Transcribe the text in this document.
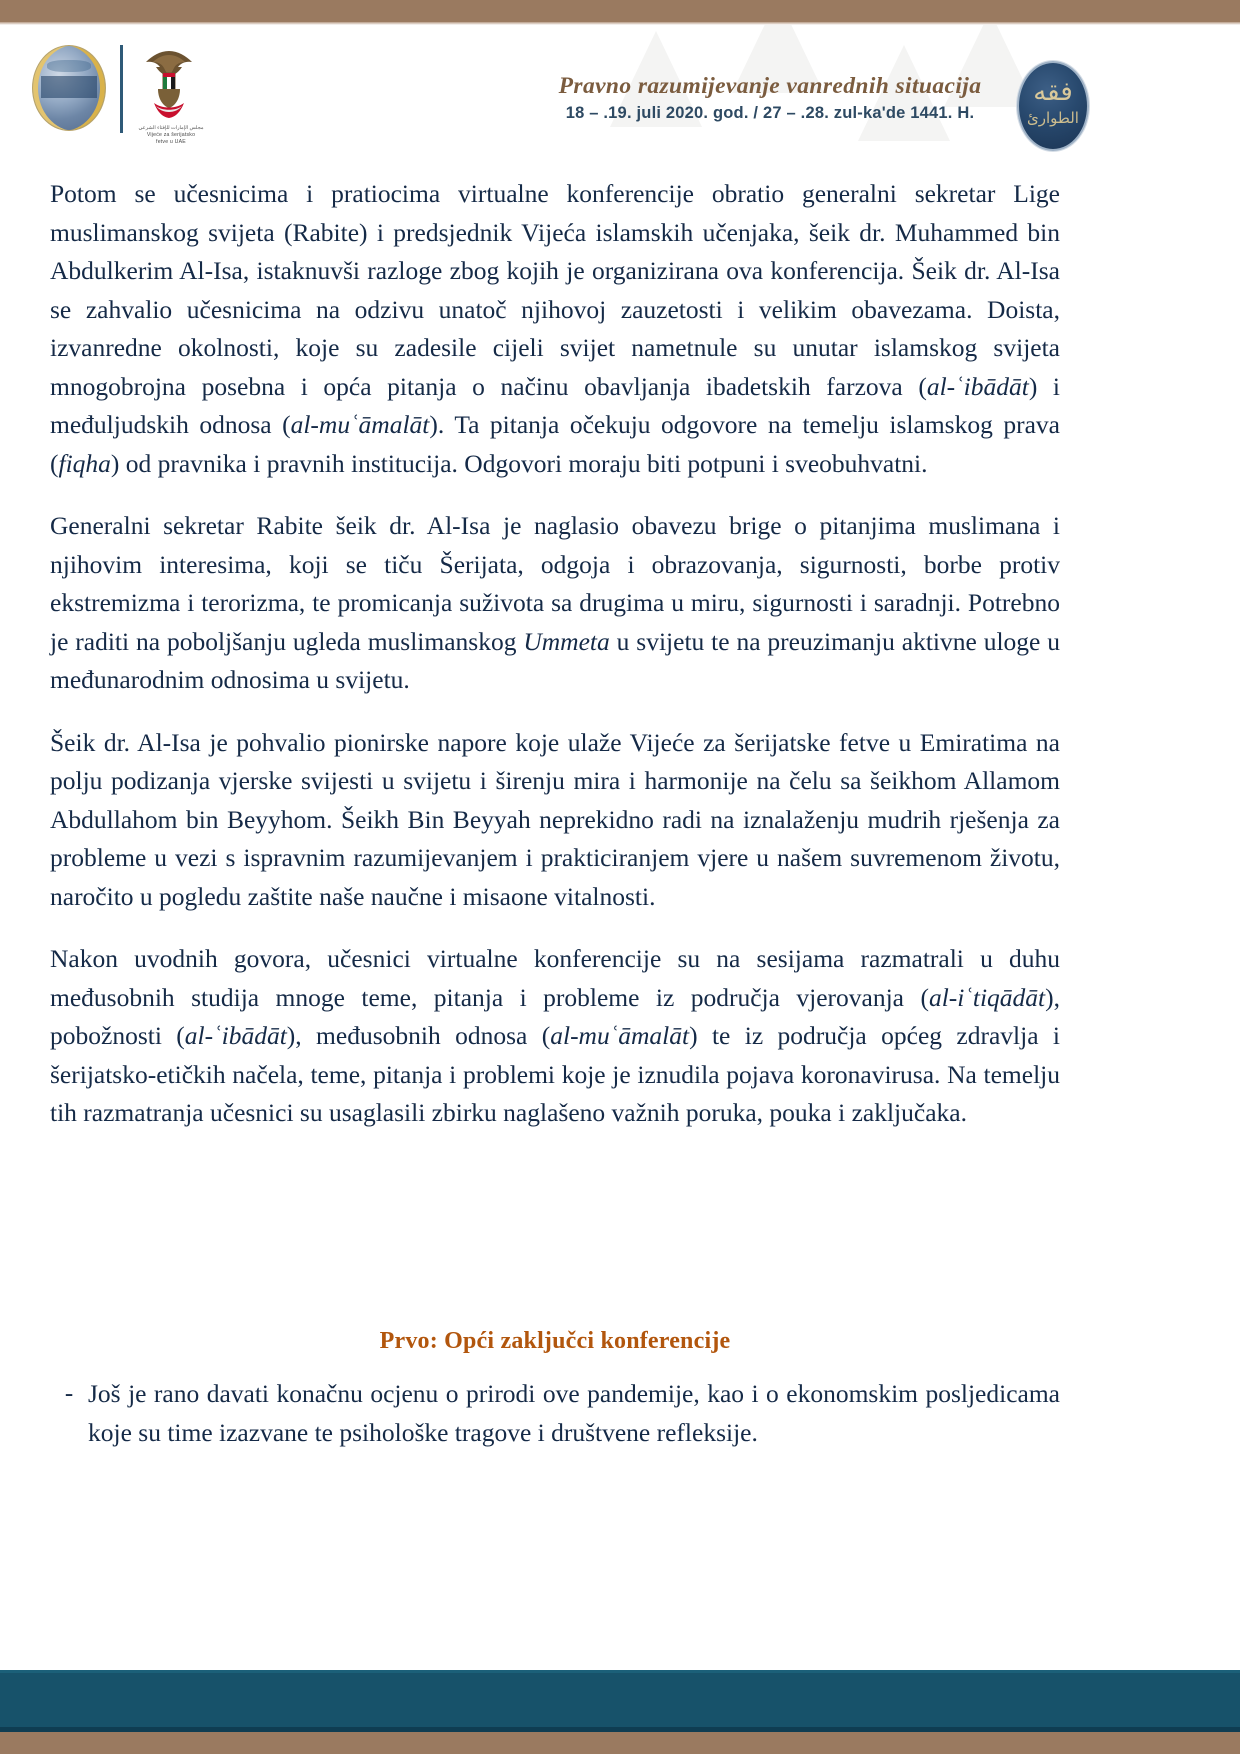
مجلس الإمارات للإفتاء الشرعي
Vijeće za šerijatsko
fetve u UAE
Pravno razumijevanje vanrednih situacija
18 – .19. juli 2020. god. / 27 – .28. zul-ka'de 1441. H.
فقه
الطوارئ

Potom se učesnicima i pratiocima virtualne konferencije obratio generalni sekretar Lige muslimanskog svijeta (Rabite) i predsjednik Vijeća islamskih učenjaka, šeik dr. Muhammed bin Abdulkerim Al-Isa, istaknuvši razloge zbog kojih je organizirana ova konferencija. Šeik dr. Al-Isa se zahvalio učesnicima na odzivu unatoč njihovoj zauzetosti i velikim obavezama. Doista, izvanredne okolnosti, koje su zadesile cijeli svijet nametnule su unutar islamskog svijeta mnogobrojna posebna i opća pitanja o načinu obavljanja ibadetskih farzova (al-ʿibādāt) i međuljudskih odnosa (al-muʿāmalāt). Ta pitanja očekuju odgovore na temelju islamskog prava (fiqha) od pravnika i pravnih institucija. Odgovori moraju biti potpuni i sveobuhvatni.

Generalni sekretar Rabite šeik dr. Al-Isa je naglasio obavezu brige o pitanjima muslimana i njihovim interesima, koji se tiču Šerijata, odgoja i obrazovanja, sigurnosti, borbe protiv ekstremizma i terorizma, te promicanja suživota sa drugima u miru, sigurnosti i saradnji. Potrebno je raditi na poboljšanju ugleda muslimanskog Ummeta u svijetu te na preuzimanju aktivne uloge u međunarodnim odnosima u svijetu.

Šeik dr. Al-Isa je pohvalio pionirske napore koje ulaže Vijeće za šerijatske fetve u Emiratima na polju podizanja vjerske svijesti u svijetu i širenju mira i harmonije na čelu sa šeikhom Allamom Abdullahom bin Beyyhom. Šeikh Bin Beyyah neprekidno radi na iznalaženju mudrih rješenja za probleme u vezi s ispravnim razumijevanjem i prakticiranjem vjere u našem suvremenom životu, naročito u pogledu zaštite naše naučne i misaone vitalnosti.

Nakon uvodnih govora, učesnici virtualne konferencije su na sesijama razmatrali u duhu međusobnih studija mnoge teme, pitanja i probleme iz područja vjerovanja (al-iʿtiqādāt), pobožnosti (al-ʿibādāt), međusobnih odnosa (al-muʿāmalāt) te iz područja općeg zdravlja i šerijatsko-etičkih načela, teme, pitanja i problemi koje je iznudila pojava koronavirusa. Na temelju tih razmatranja učesnici su usaglasili zbirku naglašeno važnih poruka, pouka i zaključaka.

Prvo: Opći zaključci konferencije
- Još je rano davati konačnu ocjenu o prirodi ove pandemije, kao i o ekonomskim posljedicama koje su time izazvane te psihološke tragove i društvene refleksije.
